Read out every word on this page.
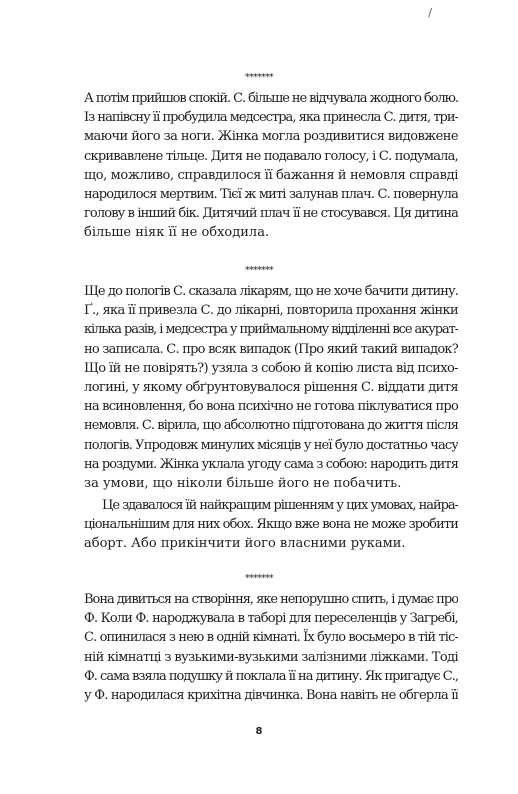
/
*******

А потім прийшов спокій. С. більше не відчувала жодного болю.
Із напівсну її пробудила медсестра, яка принесла С. дитя, три-
маючи його за ноги. Жінка могла роздивитися видовжене
скривавлене тільце. Дитя не подавало голосу, і С. подумала,
що, можливо, справдилося її бажання й немовля справді
народилося мертвим. Тієї ж миті залунав плач. С. повернула
голову в інший бік. Дитячий плач її не стосувався. Ця дитина
більше ніяк її не обходила.

*******

Ще до пологів С. сказала лікарям, що не хоче бачити дитину.
Ґ., яка її привезла С. до лікарні, повторила прохання жінки
кілька разів, і медсестра у приймальному відділенні все акурат-
но записала. С. про всяк випадок (Про який такий випадок?
Що їй не повірять?) узяла з собою й копію листа від психо-
логині, у якому обґрунтовувалося рішення С. віддати дитя
на всиновлення, бо вона психічно не готова піклуватися про
немовля. С. вірила, що абсолютно підготована до життя після
пологів. Упродовж минулих місяців у неї було достатньо часу
на роздуми. Жінка уклала угоду сама з собою: народить дитя
за умови, що ніколи більше його не побачить.

Це здавалося їй найкращим рішенням у цих умовах, найра-
ціональнішим для них обох. Якщо вже вона не може зробити
аборт. Або прикінчити його власними руками.

*******

Вона дивиться на створіння, яке непорушно спить, і думає про
Ф. Коли Ф. народжувала в таборі для переселенців у Загребі,
С. опинилася з нею в одній кімнаті. Їх було восьмеро в тій тіс-
ній кімнатці з вузькими-вузькими залізними ліжками. Тоді
Ф. сама взяла подушку й поклала її на дитину. Як пригадує С.,
у Ф. народилася крихітна дівчинка. Вона навіть не обгерла її

8
